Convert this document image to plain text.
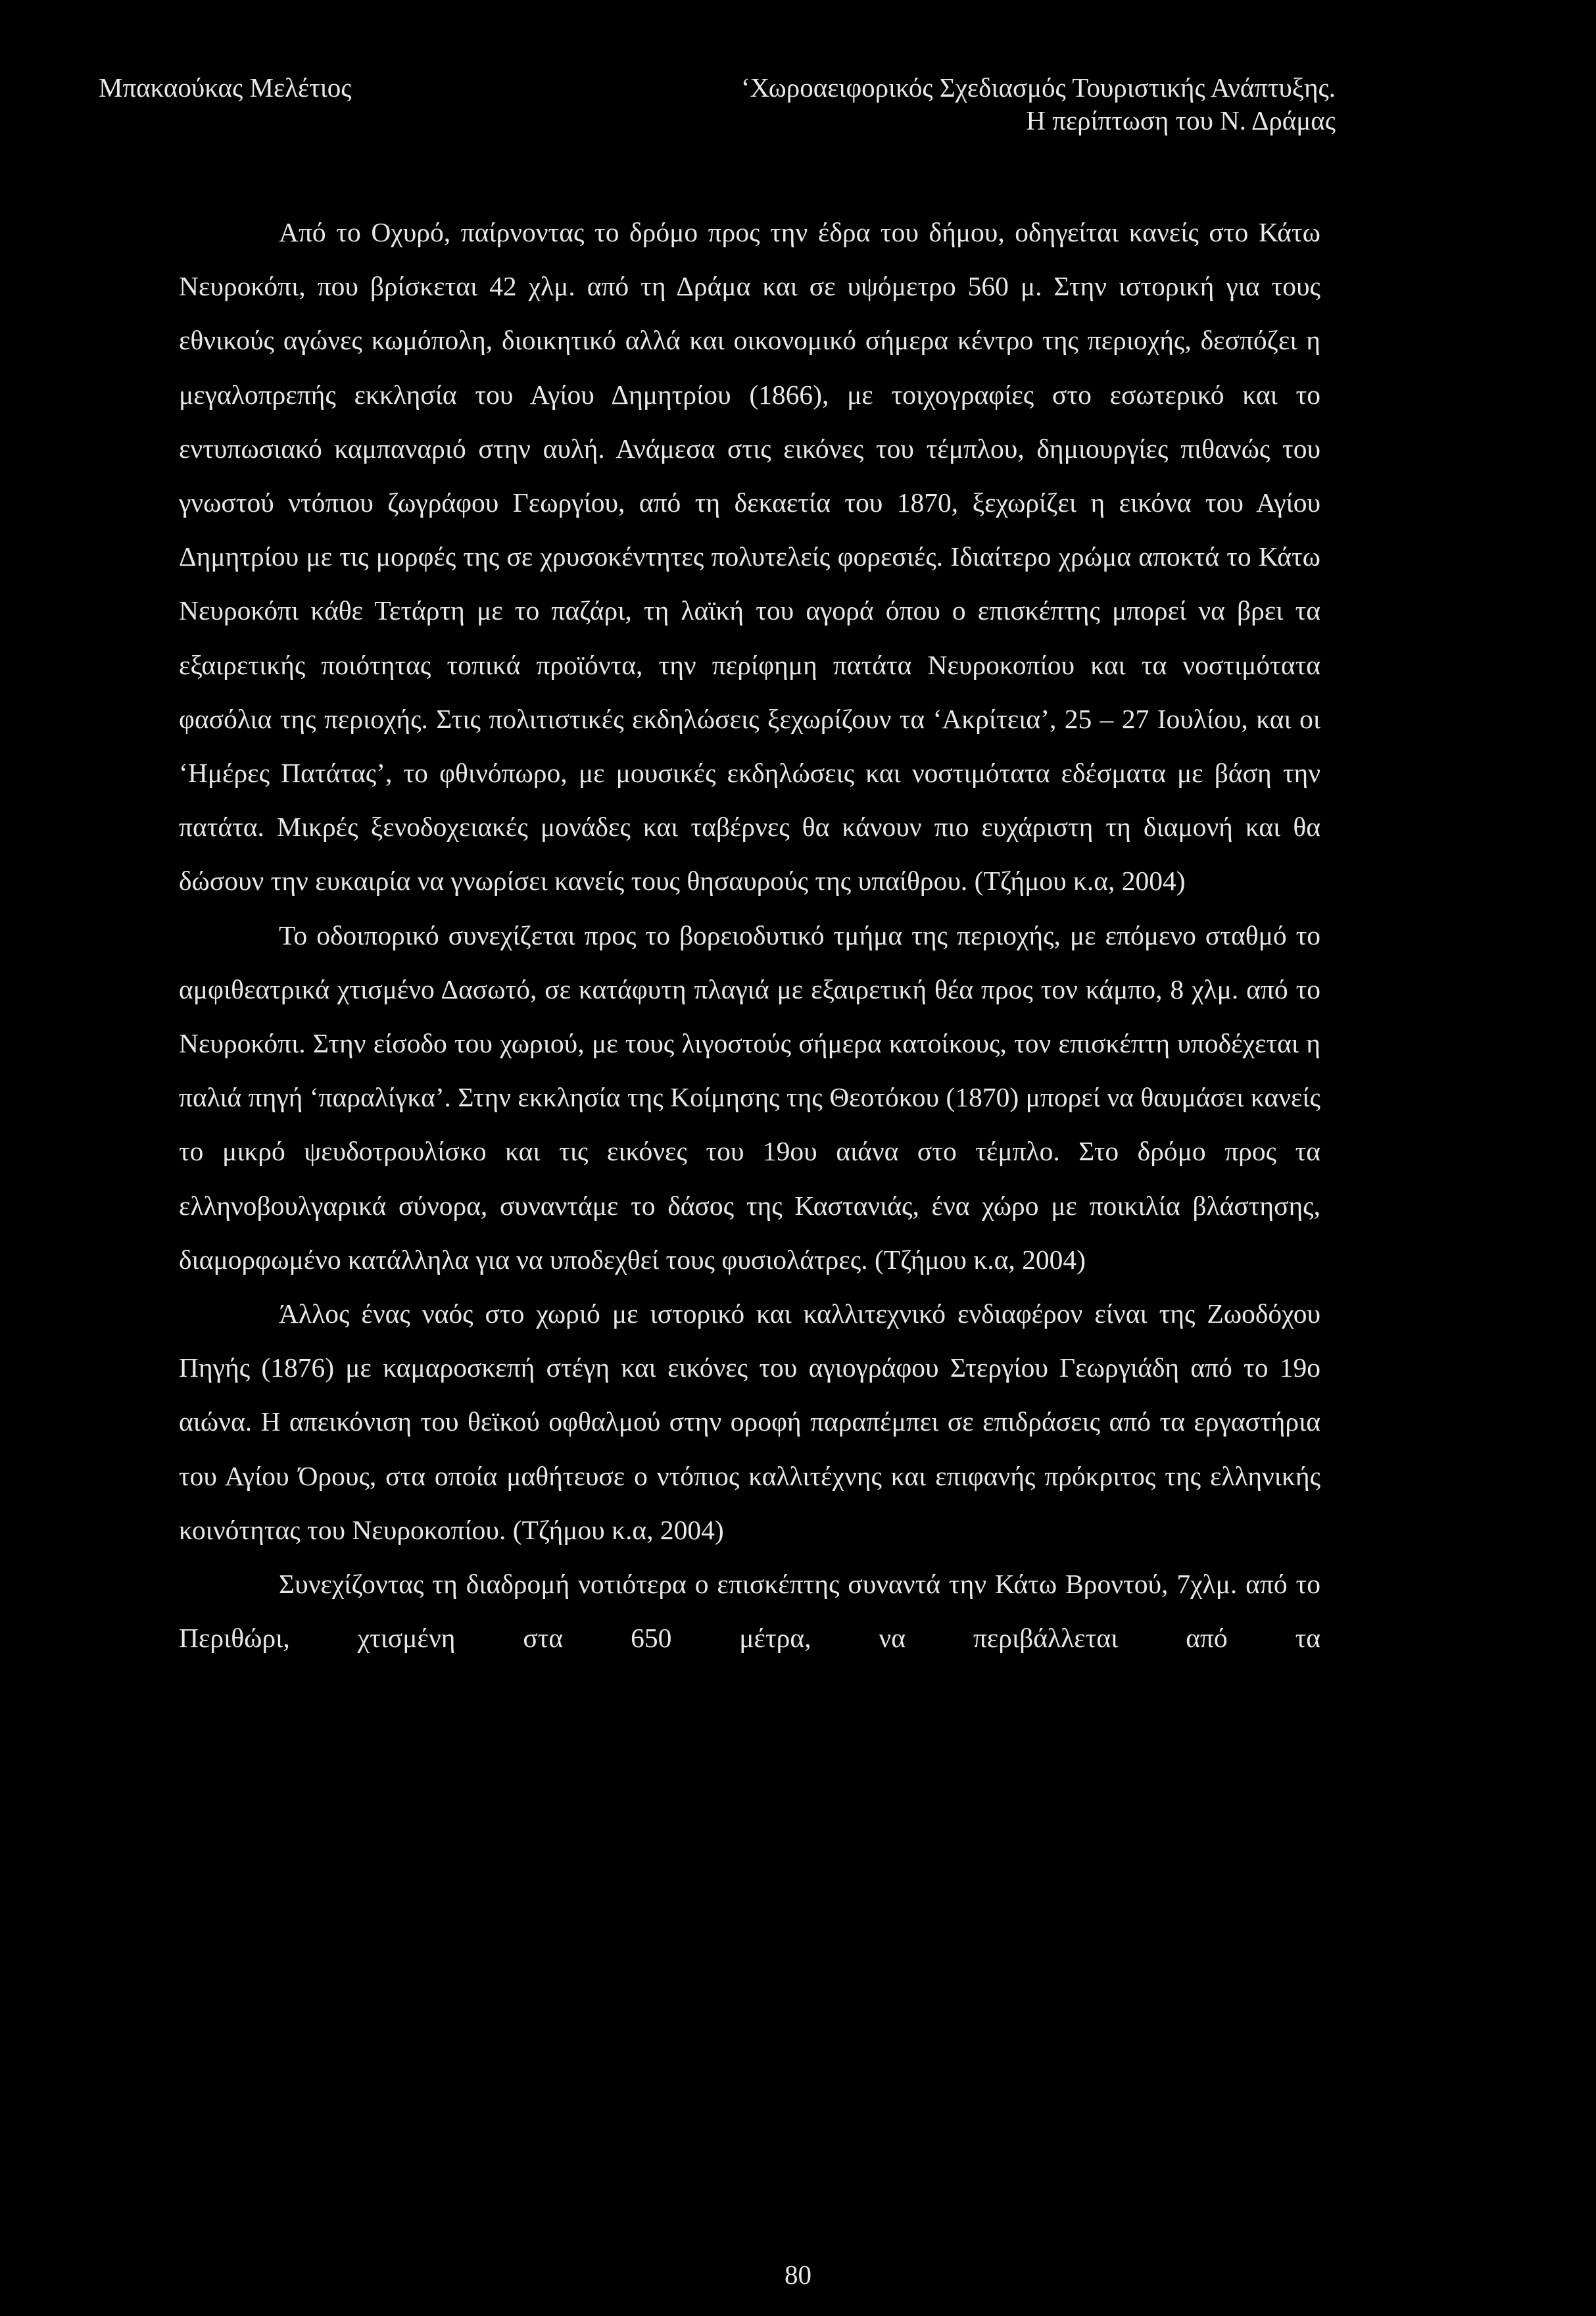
Μπακαούκας Μελέτιος	‘Χωροαειφορικός Σχεδιασμός Τουριστικής Ανάπτυξης.
Η περίπτωση του Ν. Δράμας

Από το Οχυρό, παίρνοντας το δρόμο προς την έδρα του δήμου, οδηγείται κανείς στο Κάτω Νευροκόπι, που βρίσκεται 42 χλμ. από τη Δράμα και σε υψόμετρο 560 μ. Στην ιστορική για τους εθνικούς αγώνες κωμόπολη, διοικητικό αλλά και οικονομικό σήμερα κέντρο της περιοχής, δεσπόζει η μεγαλοπρεπής εκκλησία του Αγίου Δημητρίου (1866), με τοιχογραφίες στο εσωτερικό και το εντυπωσιακό καμπαναριό στην αυλή. Ανάμεσα στις εικόνες του τέμπλου, δημιουργίες πιθανώς του γνωστού ντόπιου ζωγράφου Γεωργίου, από τη δεκαετία του 1870, ξεχωρίζει η εικόνα του Αγίου Δημητρίου με τις μορφές της σε χρυσοκέντητες πολυτελείς φορεσιές. Ιδιαίτερο χρώμα αποκτά το Κάτω Νευροκόπι κάθε Τετάρτη με το παζάρι, τη λαϊκή του αγορά όπου ο επισκέπτης μπορεί να βρει τα εξαιρετικής ποιότητας τοπικά προϊόντα, την περίφημη πατάτα Νευροκοπίου και τα νοστιμότατα φασόλια της περιοχής. Στις πολιτιστικές εκδηλώσεις ξεχωρίζουν τα ‘Ακρίτεια’, 25 – 27 Ιουλίου, και οι ‘Ημέρες Πατάτας’, το φθινόπωρο, με μουσικές εκδηλώσεις και νοστιμότατα εδέσματα με βάση την πατάτα. Μικρές ξενοδοχειακές μονάδες και ταβέρνες θα κάνουν πιο ευχάριστη τη διαμονή και θα δώσουν την ευκαιρία να γνωρίσει κανείς τους θησαυρούς της υπαίθρου. (Τζήμου κ.α, 2004)

Το οδοιπορικό συνεχίζεται προς το βορειοδυτικό τμήμα της περιοχής, με επόμενο σταθμό το αμφιθεατρικά χτισμένο Δασωτό, σε κατάφυτη πλαγιά με εξαιρετική θέα προς τον κάμπο, 8 χλμ. από το Νευροκόπι. Στην είσοδο του χωριού, με τους λιγοστούς σήμερα κατοίκους, τον επισκέπτη υποδέχεται η παλιά πηγή ‘παραλίγκα’. Στην εκκλησία της Κοίμησης της Θεοτόκου (1870) μπορεί να θαυμάσει κανείς το μικρό ψευδοτρουλίσκο και τις εικόνες του 19ου αιάνα στο τέμπλο. Στο δρόμο προς τα ελληνοβουλγαρικά σύνορα, συναντάμε το δάσος της Καστανιάς, ένα χώρο με ποικιλία βλάστησης, διαμορφωμένο κατάλληλα για να υποδεχθεί τους φυσιολάτρες. (Τζήμου κ.α, 2004)

Άλλος ένας ναός στο χωριό με ιστορικό και καλλιτεχνικό ενδιαφέρον είναι της Ζωοδόχου Πηγής (1876) με καμαροσκεπή στέγη και εικόνες του αγιογράφου Στεργίου Γεωργιάδη από το 19ο αιώνα. Η απεικόνιση του θεϊκού οφθαλμού στην οροφή παραπέμπει σε επιδράσεις από τα εργαστήρια του Αγίου Όρους, στα οποία μαθήτευσε ο ντόπιος καλλιτέχνης και επιφανής πρόκριτος της ελληνικής κοινότητας του Νευροκοπίου. (Τζήμου κ.α, 2004)

Συνεχίζοντας τη διαδρομή νοτιότερα ο επισκέπτης συναντά την Κάτω Βροντού, 7χλμ. από το Περιθώρι, χτισμένη στα 650 μέτρα, να περιβάλλεται από τα

80
